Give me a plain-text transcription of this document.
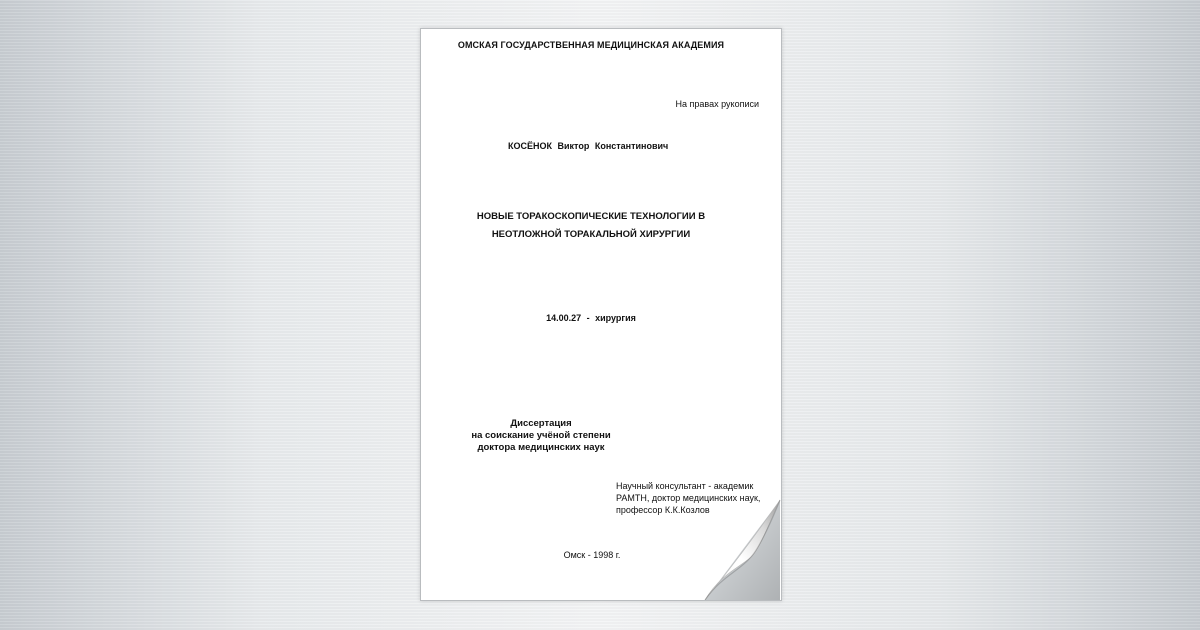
ОМСКАЯ ГОСУДАРСТВЕННАЯ МЕДИЦИНСКАЯ АКАДЕМИЯ
На правах рукописи
КОСЁНОК Виктор Константинович
НОВЫЕ ТОРАКОСКОПИЧЕСКИЕ ТЕХНОЛОГИИ В
НЕОТЛОЖНОЙ ТОРАКАЛЬНОЙ ХИРУРГИИ
14.00.27 - хирургия
Диссертация
на соискание учёной степени
доктора медицинских наук
Научный консультант - академик
РАМТН, доктор медицинских наук,
профессор К.К.Козлов
Омск - 1998 г.
